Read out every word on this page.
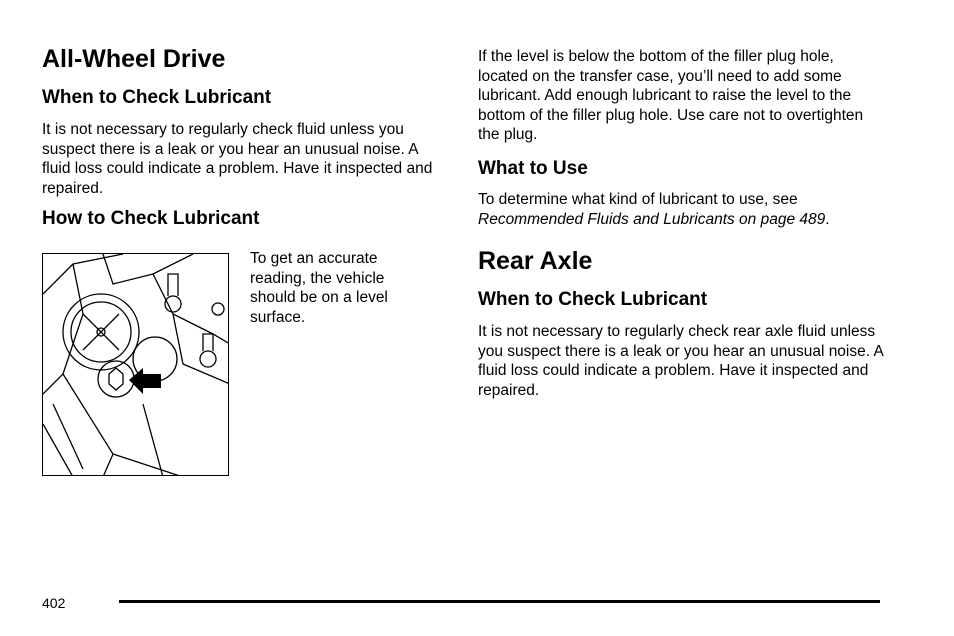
All-Wheel Drive
When to Check Lubricant

It is not necessary to regularly check fluid unless you suspect there is a leak or you hear an unusual noise. A fluid loss could indicate a problem. Have it inspected and repaired.

How to Check Lubricant

To get an accurate reading, the vehicle should be on a level surface.

If the level is below the bottom of the filler plug hole, located on the transfer case, you’ll need to add some lubricant. Add enough lubricant to raise the level to the bottom of the filler plug hole. Use care not to overtighten the plug.

What to Use

To determine what kind of lubricant to use, see Recommended Fluids and Lubricants on page 489.

Rear Axle
When to Check Lubricant

It is not necessary to regularly check rear axle fluid unless you suspect there is a leak or you hear an unusual noise. A fluid loss could indicate a problem. Have it inspected and repaired.

402
